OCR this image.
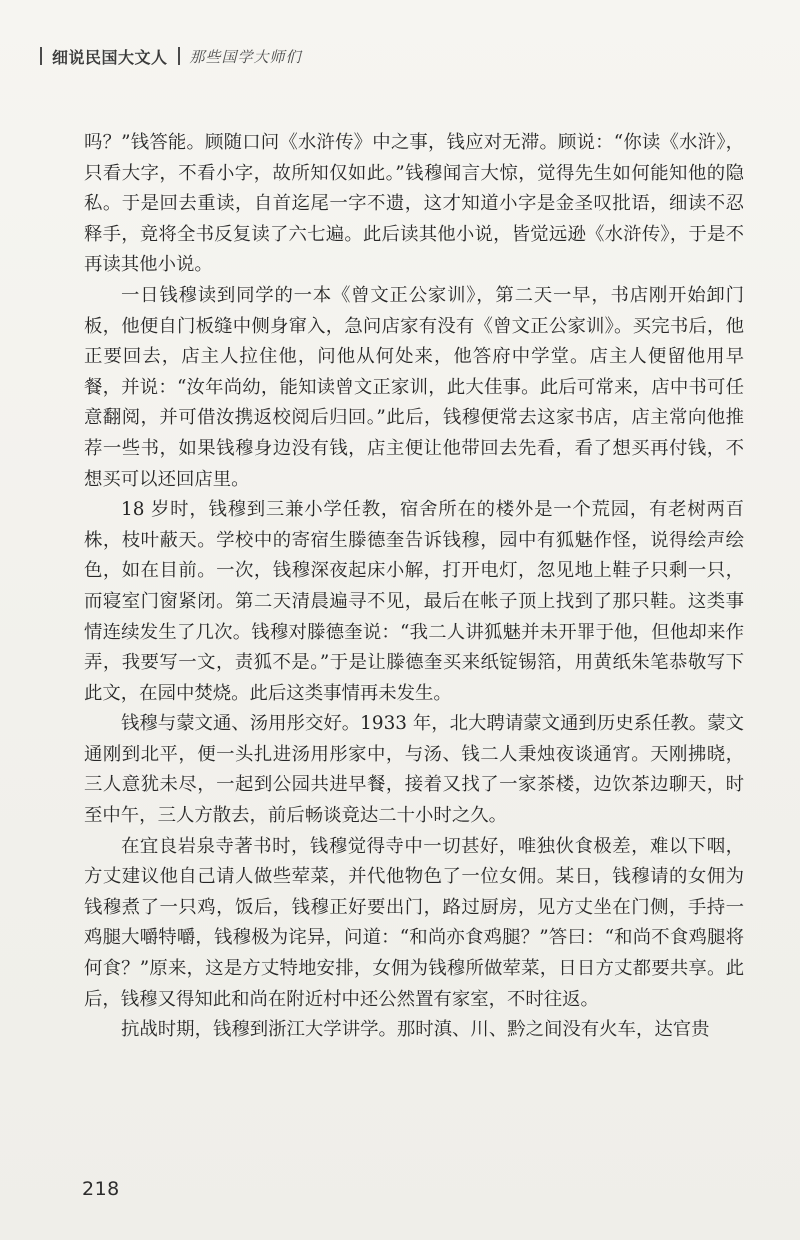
细说民国大文人 那些国学大师们

吗？”钱答能。顾随口问《水浒传》中之事，钱应对无滞。顾说：“你读《水浒》，只看大字，不看小字，故所知仅如此。”钱穆闻言大惊，觉得先生如何能知他的隐私。于是回去重读，自首迄尾一字不遗，这才知道小字是金圣叹批语，细读不忍释手，竟将全书反复读了六七遍。此后读其他小说，皆觉远逊《水浒传》，于是不再读其他小说。

一日钱穆读到同学的一本《曾文正公家训》，第二天一早，书店刚开始卸门板，他便自门板缝中侧身窜入，急问店家有没有《曾文正公家训》。买完书后，他正要回去，店主人拉住他，问他从何处来，他答府中学堂。店主人便留他用早餐，并说：“汝年尚幼，能知读曾文正家训，此大佳事。此后可常来，店中书可任意翻阅，并可借汝携返校阅后归回。”此后，钱穆便常去这家书店，店主常向他推荐一些书，如果钱穆身边没有钱，店主便让他带回去先看，看了想买再付钱，不想买可以还回店里。

18 岁时，钱穆到三兼小学任教，宿舍所在的楼外是一个荒园，有老树两百株，枝叶蔽天。学校中的寄宿生滕德奎告诉钱穆，园中有狐魅作怪，说得绘声绘色，如在目前。一次，钱穆深夜起床小解，打开电灯，忽见地上鞋子只剩一只，而寝室门窗紧闭。第二天清晨遍寻不见，最后在帐子顶上找到了那只鞋。这类事情连续发生了几次。钱穆对滕德奎说：“我二人讲狐魅并未开罪于他，但他却来作弄，我要写一文，责狐不是。”于是让滕德奎买来纸锭锡箔，用黄纸朱笔恭敬写下此文，在园中焚烧。此后这类事情再未发生。

钱穆与蒙文通、汤用彤交好。1933 年，北大聘请蒙文通到历史系任教。蒙文通刚到北平，便一头扎进汤用彤家中，与汤、钱二人秉烛夜谈通宵。天刚拂晓，三人意犹未尽，一起到公园共进早餐，接着又找了一家茶楼，边饮茶边聊天，时至中午，三人方散去，前后畅谈竟达二十小时之久。

在宜良岩泉寺著书时，钱穆觉得寺中一切甚好，唯独伙食极差，难以下咽，方丈建议他自己请人做些荤菜，并代他物色了一位女佣。某日，钱穆请的女佣为钱穆煮了一只鸡，饭后，钱穆正好要出门，路过厨房，见方丈坐在门侧，手持一鸡腿大嚼特嚼，钱穆极为诧异，问道：“和尚亦食鸡腿？”答曰：“和尚不食鸡腿将何食？”原来，这是方丈特地安排，女佣为钱穆所做荤菜，日日方丈都要共享。此后，钱穆又得知此和尚在附近村中还公然置有家室，不时往返。

抗战时期，钱穆到浙江大学讲学。那时滇、川、黔之间没有火车，达官贵

218
